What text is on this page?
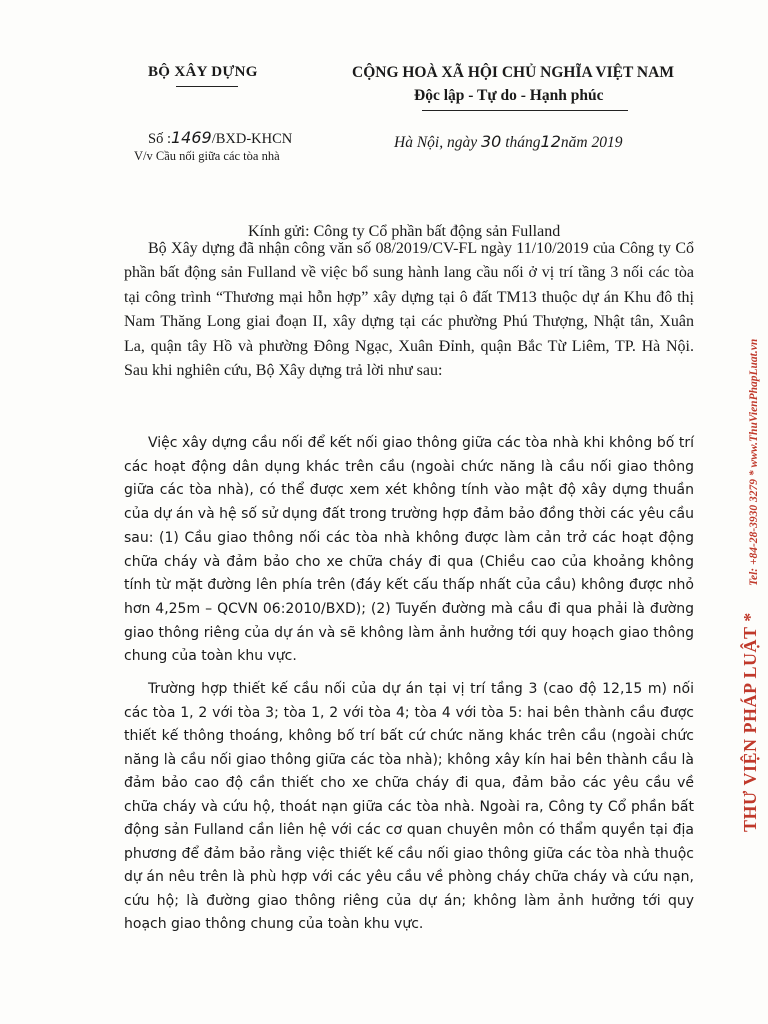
BỘ XÂY DỰNG	CỘNG HOÀ XÃ HỘI CHỦ NGHĨA VIỆT NAM
Độc lập - Tự do - Hạnh phúc
Số :1469/BXD-KHCN
V/v Cầu nối giữa các tòa nhà
Hà Nội, ngày 30 tháng12năm 2019
Kính gửi: Công ty Cổ phần bất động sản Fulland

Bộ Xây dựng đã nhận công văn số 08/2019/CV-FL ngày 11/10/2019 của Công ty Cổ phần bất động sản Fulland về việc bổ sung hành lang cầu nối ở vị trí tầng 3 nối các tòa tại công trình “Thương mại hỗn hợp” xây dựng tại ô đất TM13 thuộc dự án Khu đô thị Nam Thăng Long giai đoạn II, xây dựng tại các phường Phú Thượng, Nhật tân, Xuân La, quận tây Hồ và phường Đông Ngạc, Xuân Đỉnh, quận Bắc Từ Liêm, TP. Hà Nội. Sau khi nghiên cứu, Bộ Xây dựng trả lời như sau:

Việc xây dựng cầu nối để kết nối giao thông giữa các tòa nhà khi không bố trí các hoạt động dân dụng khác trên cầu (ngoài chức năng là cầu nối giao thông giữa các tòa nhà), có thể được xem xét không tính vào mật độ xây dựng thuần của dự án và hệ số sử dụng đất trong trường hợp đảm bảo đồng thời các yêu cầu sau: (1) Cầu giao thông nối các tòa nhà không được làm cản trở các hoạt động chữa cháy và đảm bảo cho xe chữa cháy đi qua (Chiều cao của khoảng không tính từ mặt đường lên phía trên (đáy kết cấu thấp nhất của cầu) không được nhỏ hơn 4,25m – QCVN 06:2010/BXD); (2) Tuyến đường mà cầu đi qua phải là đường giao thông riêng của dự án và sẽ không làm ảnh hưởng tới quy hoạch giao thông chung của toàn khu vực.

Trường hợp thiết kế cầu nối của dự án tại vị trí tầng 3 (cao độ 12,15 m) nối các tòa 1, 2 với tòa 3; tòa 1, 2 với tòa 4; tòa 4 với tòa 5: hai bên thành cầu được thiết kế thông thoáng, không bố trí bất cứ chức năng khác trên cầu (ngoài chức năng là cầu nối giao thông giữa các tòa nhà); không xây kín hai bên thành cầu là đảm bảo cao độ cần thiết cho xe chữa cháy đi qua, đảm bảo các yêu cầu về chữa cháy và cứu hộ, thoát nạn giữa các tòa nhà. Ngoài ra, Công ty Cổ phần bất động sản Fulland cần liên hệ với các cơ quan chuyên môn có thẩm quyền tại địa phương để đảm bảo rằng việc thiết kế cầu nối giao thông giữa các tòa nhà thuộc dự án nêu trên là phù hợp với các yêu cầu về phòng cháy chữa cháy và cứu nạn, cứu hộ; là đường giao thông riêng của dự án; không làm ảnh hưởng tới quy hoạch giao thông chung của toàn khu vực.

THƯ VIỆN PHÁP LUẬT *
Tel: +84-28-3930 3279 * www.ThuVienPhapLuat.vn
